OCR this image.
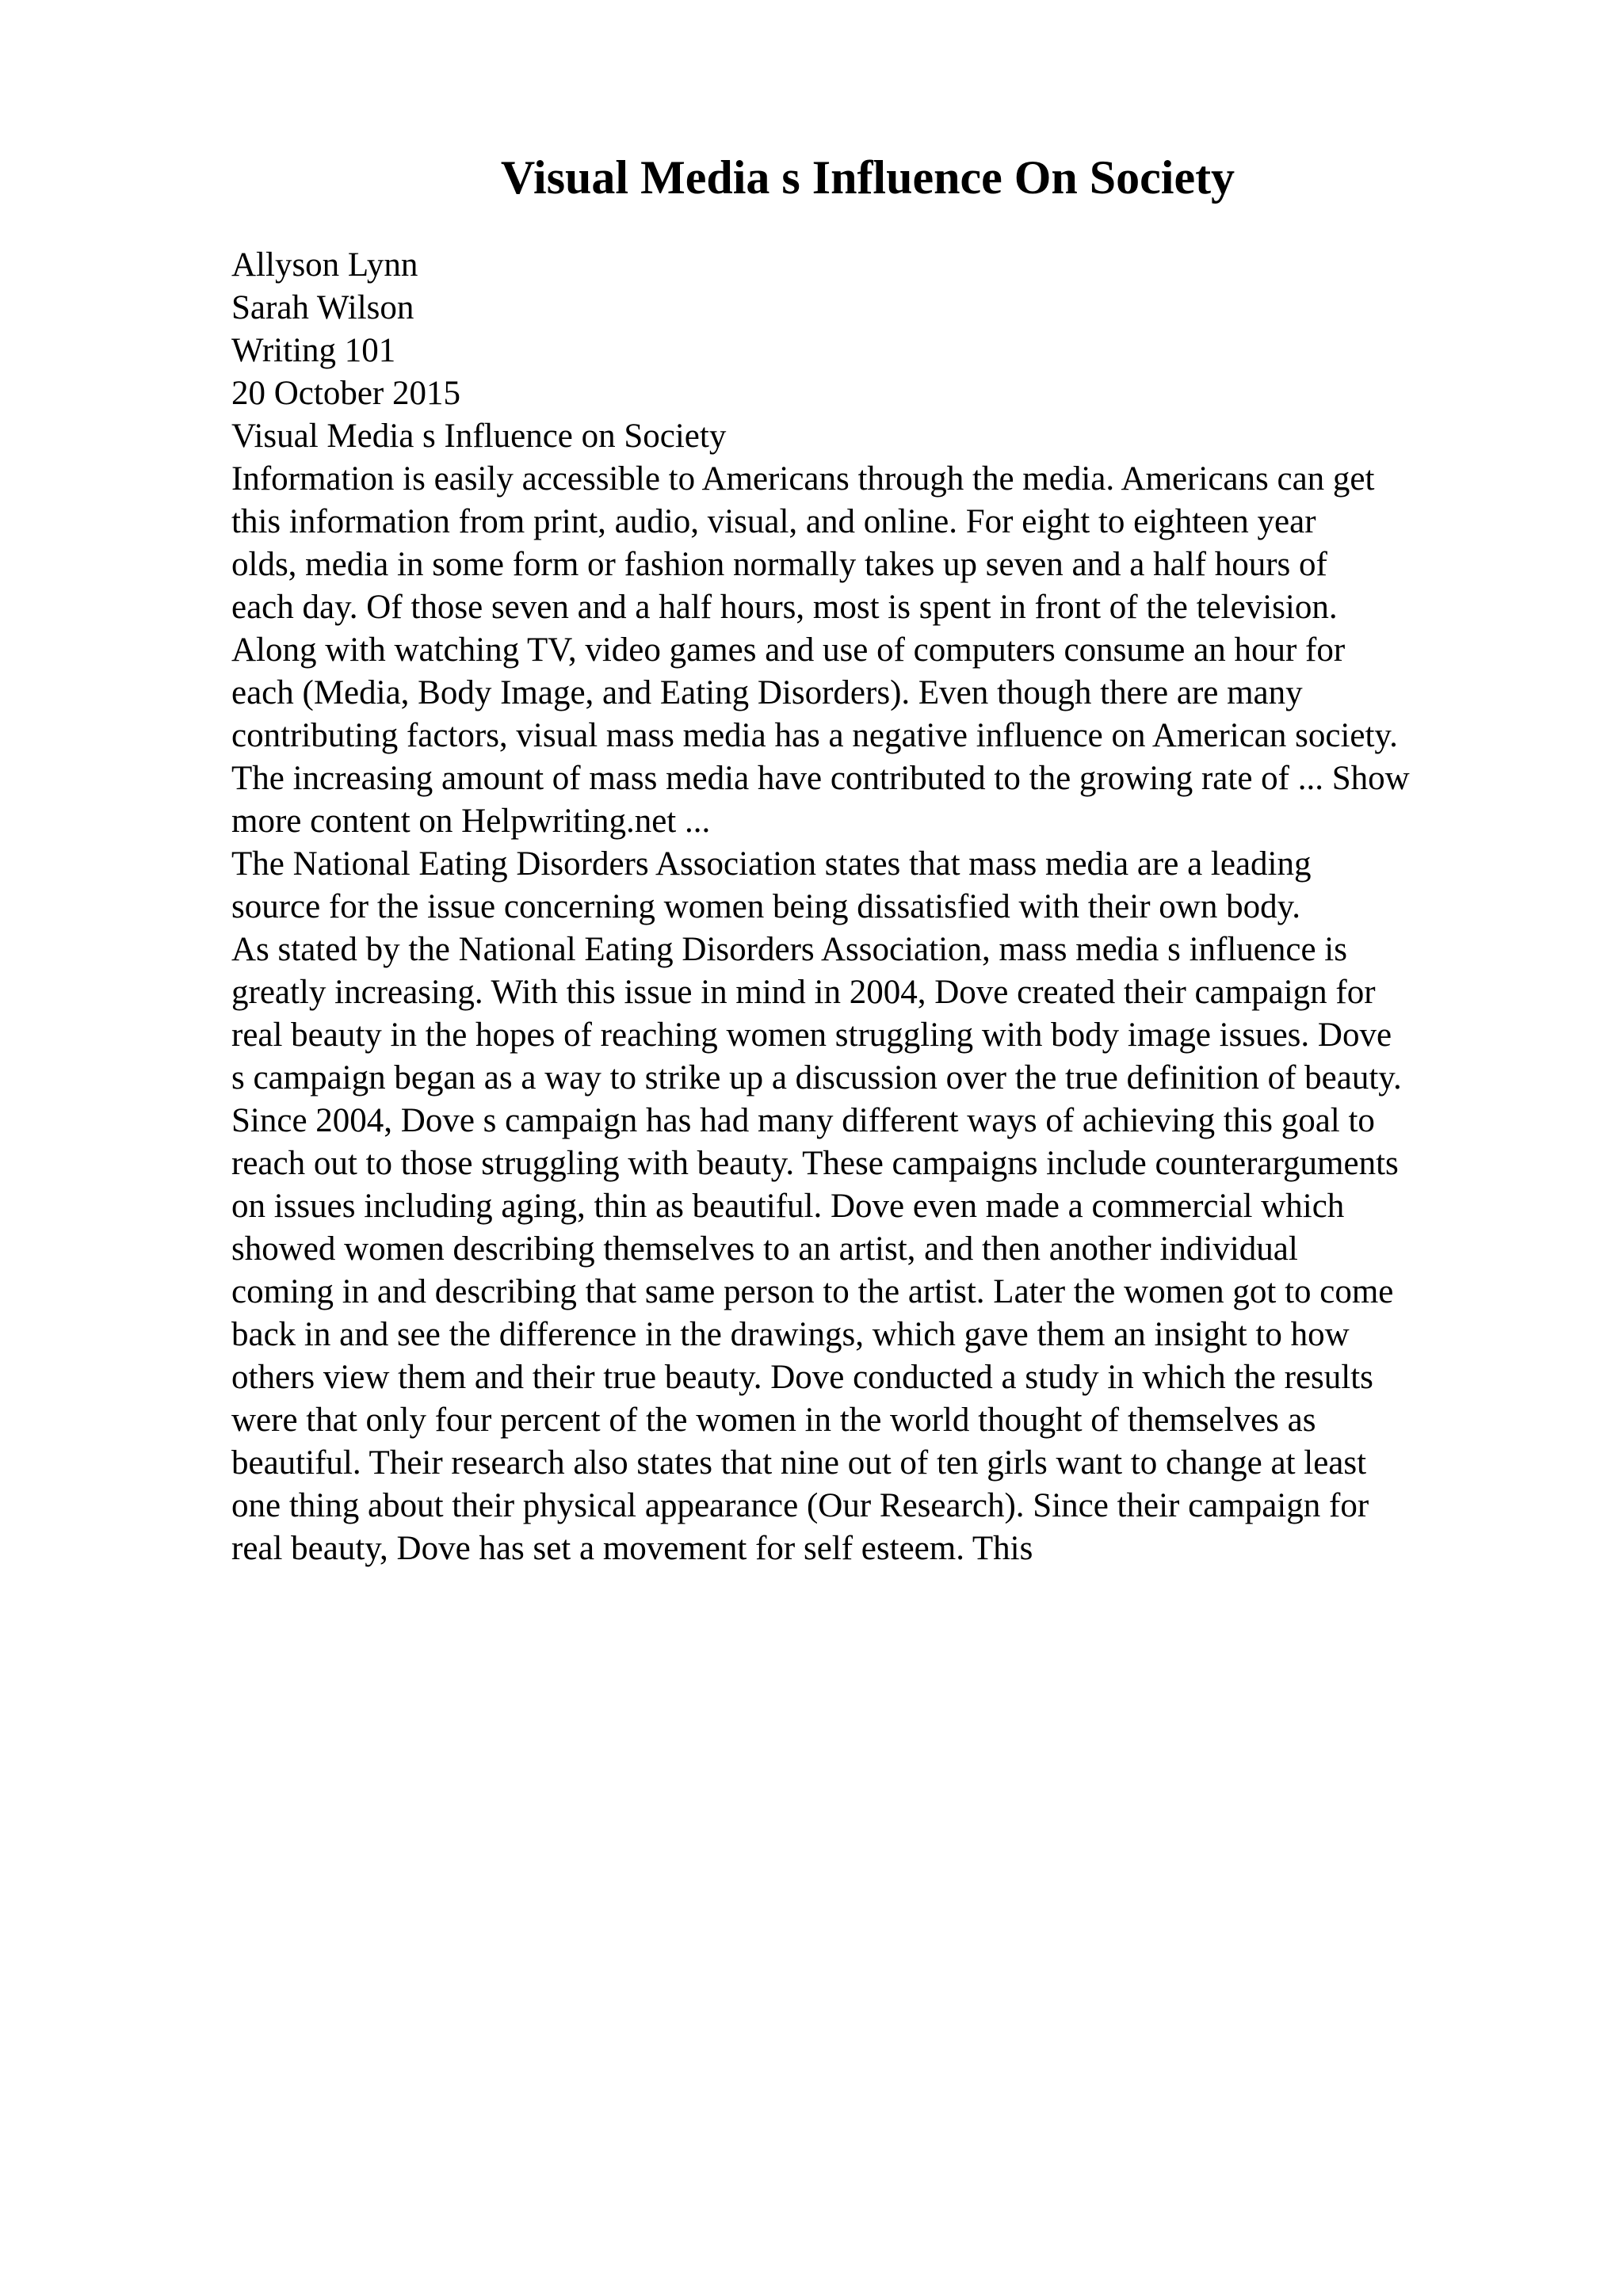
Visual Media s Influence On Society
Allyson Lynn
Sarah Wilson
Writing 101
20 October 2015
Visual Media s Influence on Society
Information is easily accessible to Americans through the media. Americans can get
this information from print, audio, visual, and online. For eight to eighteen year
olds, media in some form or fashion normally takes up seven and a half hours of
each day. Of those seven and a half hours, most is spent in front of the television.
Along with watching TV, video games and use of computers consume an hour for
each (Media, Body Image, and Eating Disorders). Even though there are many
contributing factors, visual mass media has a negative influence on American society.
The increasing amount of mass media have contributed to the growing rate of ... Show
more content on Helpwriting.net ...
The National Eating Disorders Association states that mass media are a leading
source for the issue concerning women being dissatisfied with their own body.
As stated by the National Eating Disorders Association, mass media s influence is
greatly increasing. With this issue in mind in 2004, Dove created their campaign for
real beauty in the hopes of reaching women struggling with body image issues. Dove
s campaign began as a way to strike up a discussion over the true definition of beauty.
Since 2004, Dove s campaign has had many different ways of achieving this goal to
reach out to those struggling with beauty. These campaigns include counterarguments
on issues including aging, thin as beautiful. Dove even made a commercial which
showed women describing themselves to an artist, and then another individual
coming in and describing that same person to the artist. Later the women got to come
back in and see the difference in the drawings, which gave them an insight to how
others view them and their true beauty. Dove conducted a study in which the results
were that only four percent of the women in the world thought of themselves as
beautiful. Their research also states that nine out of ten girls want to change at least
one thing about their physical appearance (Our Research). Since their campaign for
real beauty, Dove has set a movement for self esteem. This
